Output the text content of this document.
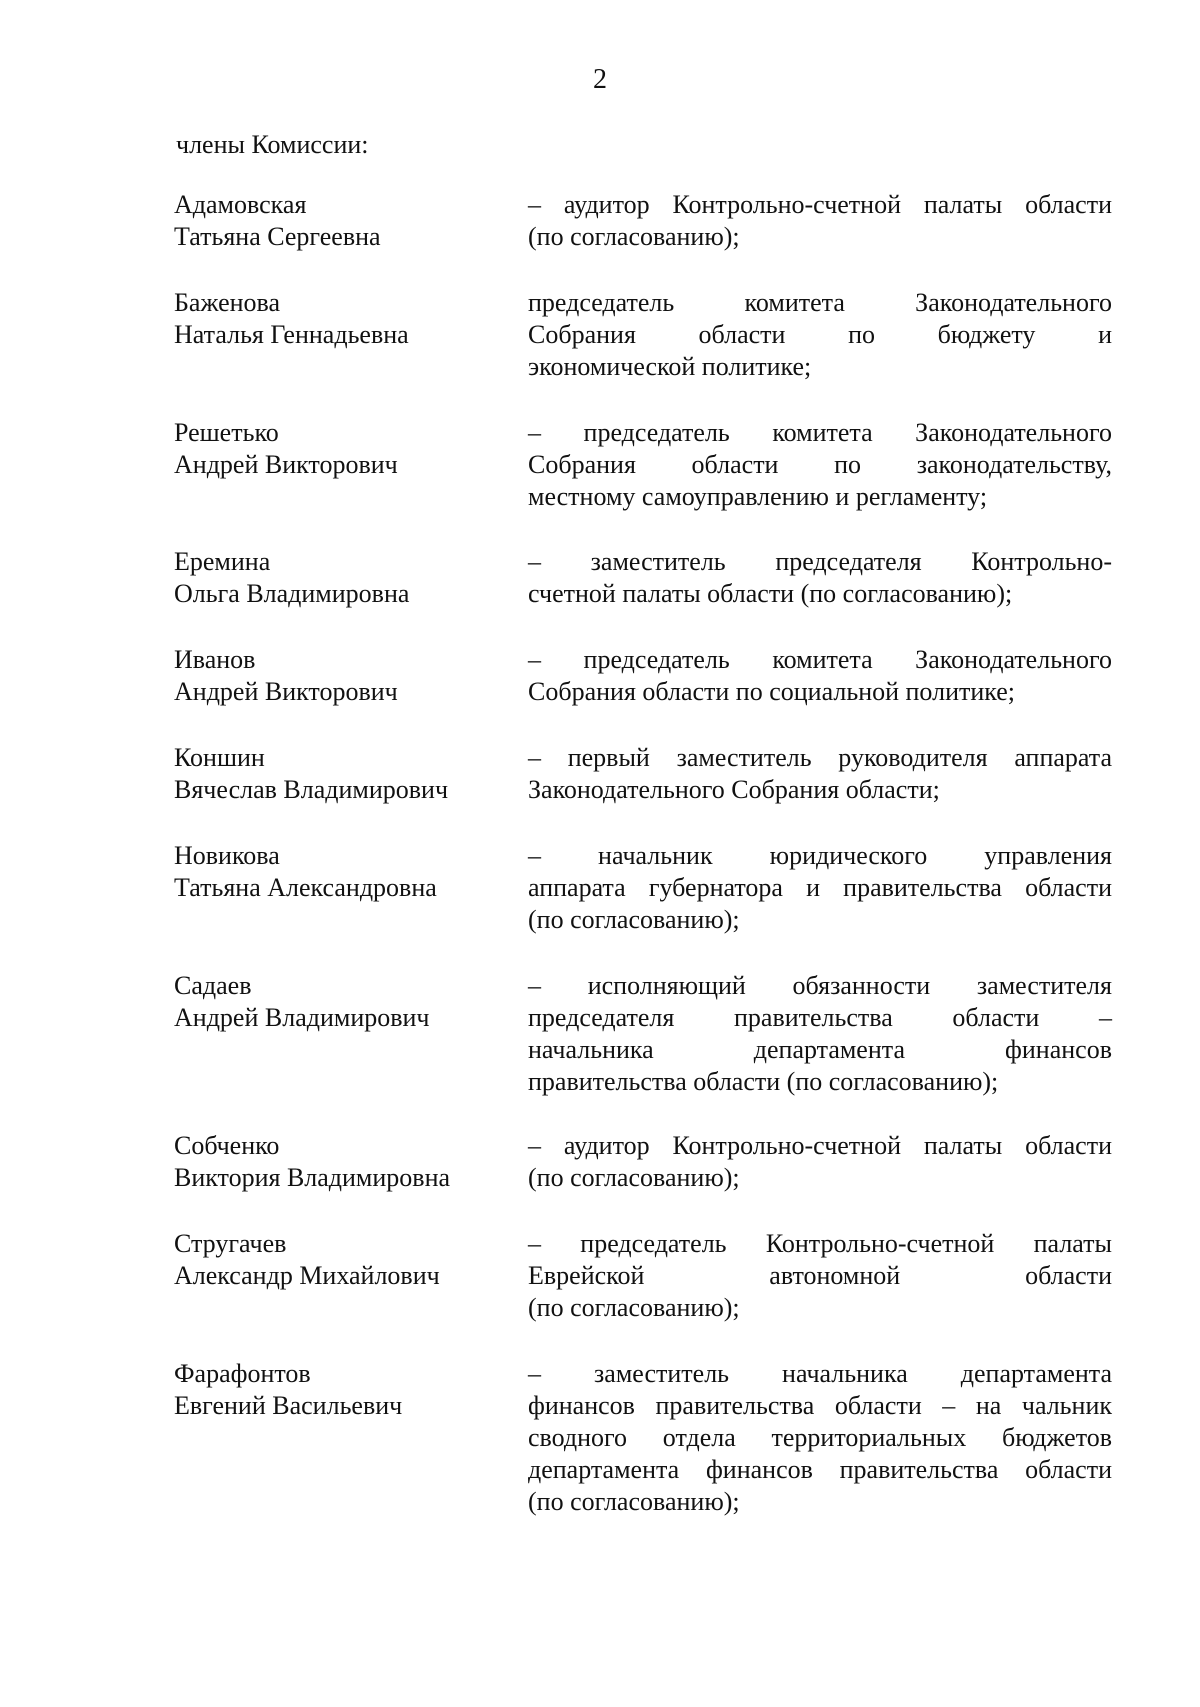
2
члены Комиссии:
Адамовская
Татьяна Сергеевна
– аудитор Контрольно-счетной палаты области
(по согласованию);
Баженова
Наталья Геннадьевна
председатель комитета Законодательного
Собрания области по бюджету и
экономической политике;
Решетько
Андрей Викторович
– председатель комитета Законодательного
Собрания области по законодательству,
местному самоуправлению и регламенту;
Еремина
Ольга Владимировна
– заместитель председателя Контрольно-
счетной палаты области (по согласованию);
Иванов
Андрей Викторович
– председатель комитета Законодательного
Собрания области по социальной политике;
Коншин
Вячеслав Владимирович
– первый заместитель руководителя аппарата
Законодательного Собрания области;
Новикова
Татьяна Александровна
– начальник юридического управления
аппарата губернатора и правительства области
(по согласованию);
Садаев
Андрей Владимирович
– исполняющий обязанности заместителя
председателя правительства области –
начальника департамента финансов
правительства области (по согласованию);
Собченко
Виктория Владимировна
– аудитор Контрольно-счетной палаты области
(по согласованию);
Стругачев
Александр Михайлович
– председатель Контрольно-счетной палаты
Еврейской автономной области
(по согласованию);
Фарафонтов
Евгений Васильевич
– заместитель начальника департамента
финансов правительства области – на чальник
сводного отдела территориальных бюджетов
департамента финансов правительства области
(по согласованию);
